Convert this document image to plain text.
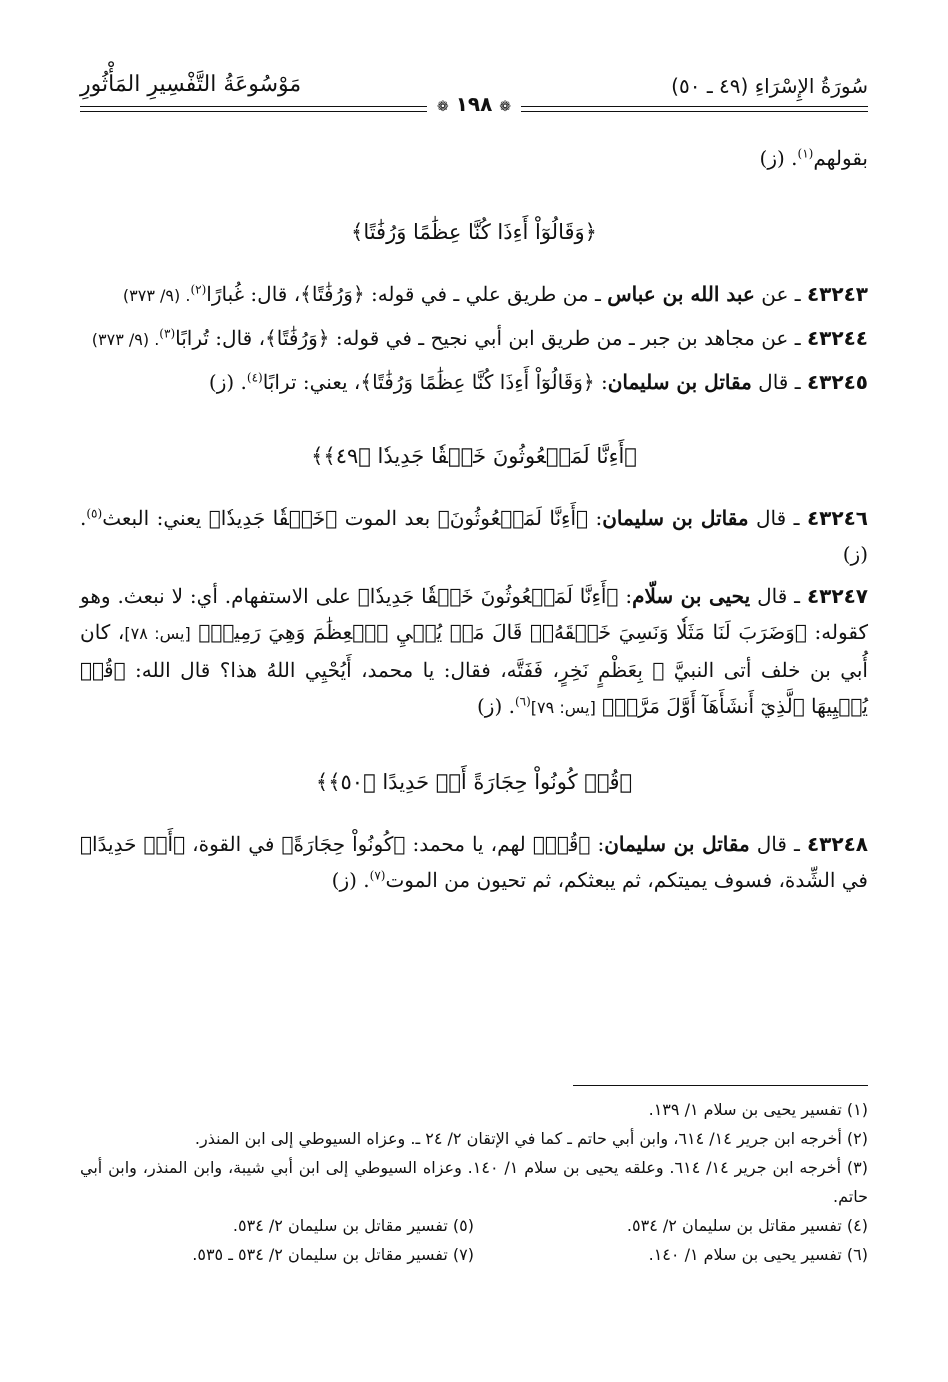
سُورَةُ الإِسْرَاءِ (٤٩ ـ ٥٠)
مَوْسُوعَةُ التَّفْسِيرِ المَأْثُورِ
❁ ١٩٨ ❁

بقولهم$^{(١)}$. (ز)

﴿وَقَالُوٓاْ أَءِذَا كُنَّا عِظَٰمًا وَرُفَٰتًا﴾

٤٣٢٤٣ ـ عن عبد الله بن عباس ـ من طريق علي ـ في قوله: ﴿وَرُفَٰتًا﴾، قال: غُبارًا$^{(٢)}$. (٩/ ٣٧٣)

٤٣٢٤٤ ـ عن مجاهد بن جبر ـ من طريق ابن أبي نجيح ـ في قوله: ﴿وَرُفَٰتًا﴾، قال: تُرابًا$^{(٣)}$. (٩/ ٣٧٣)

٤٣٢٤٥ ـ قال مقاتل بن سليمان: ﴿وَقَالُوٓاْ أَءِذَا كُنَّا عِظَٰمًا وَرُفَٰتًا﴾، يعني: ترابًا$^{(٤)}$. (ز)

﴿أَءِنَّا لَمَبۡعُوثُونَ خَلۡقٗا جَدِيدٗا ﴿٤٩﴾﴾

٤٣٢٤٦ ـ قال مقاتل بن سليمان: ﴿أَءِنَّا لَمَبۡعُوثُونَ﴾ بعد الموت ﴿خَلۡقٗا جَدِيدٗا﴾ يعني: البعث$^{(٥)}$. (ز)

٤٣٢٤٧ ـ قال يحيى بن سلّام: ﴿أَءِنَّا لَمَبۡعُوثُونَ خَلۡقٗا جَدِيدٗا﴾ على الاستفهام. أي: لا نبعث. وهو كقوله: ﴿وَضَرَبَ لَنَا مَثَلٗا وَنَسِيَ خَلۡقَهُۥۖ قَالَ مَنۡ يُحۡيِ ٱلۡعِظَٰمَ وَهِيَ رَمِيمٞ﴾ [يس: ٧٨]، كان أُبي بن خلف أتى النبيَّ ﷺ بِعَظْمٍ نَخِرٍ، فَفَتَّه، فقال: يا محمد، أَيُحْيِي اللهُ هذا؟ قال الله: ﴿قُلۡ يُحۡيِيهَا ٱلَّذِيٓ أَنشَأَهَآ أَوَّلَ مَرَّةٖ﴾ [يس: ٧٩]$^{(٦)}$. (ز)

﴿قُلۡ كُونُواْ حِجَارَةً أَوۡ حَدِيدًا ﴿٥٠﴾﴾

٤٣٢٤٨ ـ قال مقاتل بن سليمان: ﴿قُلۡ﴾ لهم، يا محمد: ﴿كُونُواْ حِجَارَةً﴾ في القوة، ﴿أَوۡ حَدِيدًا﴾ في الشِّدة، فسوف يميتكم، ثم يبعثكم، ثم تحيون من الموت$^{(٧)}$. (ز)

(١) تفسير يحيى بن سلام ١/ ١٣٩.

(٢) أخرجه ابن جرير ١٤/ ٦١٤، وابن أبي حاتم ـ كما في الإتقان ٢/ ٢٤ ـ. وعزاه السيوطي إلى ابن المنذر.

(٣) أخرجه ابن جرير ١٤/ ٦١٤. وعلقه يحيى بن سلام ١/ ١٤٠. وعزاه السيوطي إلى ابن أبي شيبة، وابن المنذر، وابن أبي حاتم.

(٤) تفسير مقاتل بن سليمان ٢/ ٥٣٤.

(٥) تفسير مقاتل بن سليمان ٢/ ٥٣٤.

(٦) تفسير يحيى بن سلام ١/ ١٤٠.

(٧) تفسير مقاتل بن سليمان ٢/ ٥٣٤ ـ ٥٣٥.
